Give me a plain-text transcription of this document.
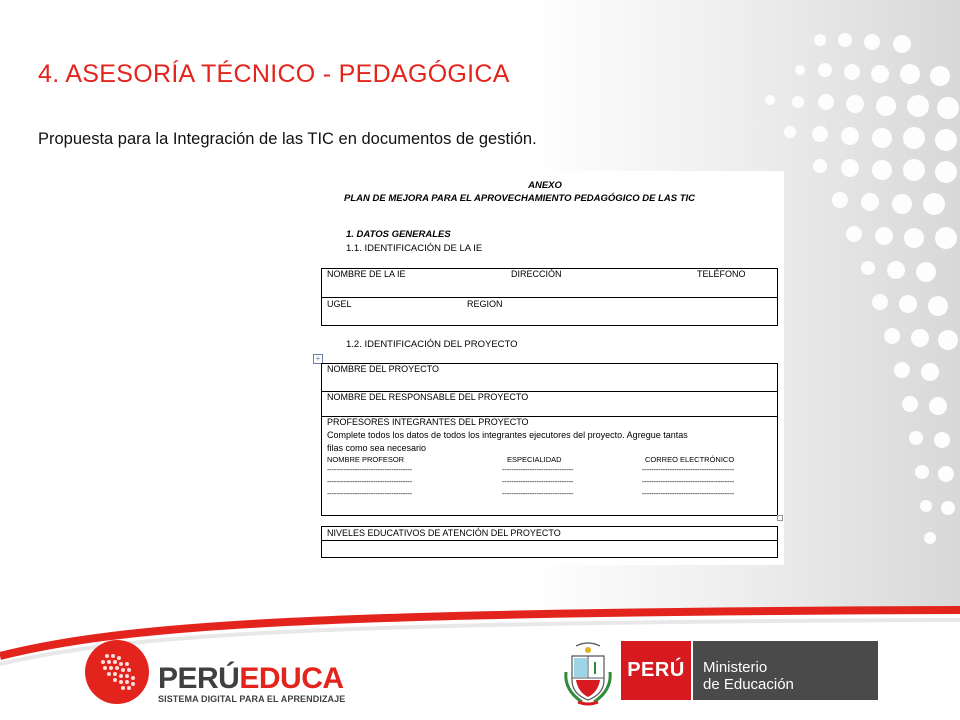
4. ASESORÍA TÉCNICO - PEDAGÓGICA
Propuesta para la Integración de las TIC en documentos de gestión.
ANEXO
PLAN DE MEJORA PARA EL APROVECHAMIENTO PEDAGÓGICO DE LAS TIC
1. DATOS GENERALES
1.1. IDENTIFICACIÓN DE LA IE
NOMBRE DE LA IE	DIRECCIÓN	TELÉFONO
UGEL	REGION
1.2. IDENTIFICACIÓN DEL PROYECTO
+
NOMBRE DEL PROYECTO
NOMBRE DEL RESPONSABLE DEL PROYECTO
PROFESORES INTEGRANTES DEL PROYECTO
Complete todos los datos de todos los integrantes ejecutores del proyecto. Agregue tantas
filas como sea necesario
NOMBRE PROFESOR	ESPECIALIDAD	CORREO ELECTRÓNICO
-------------------------------------	-------------------------------	----------------------------------------
-------------------------------------	-------------------------------	----------------------------------------
-------------------------------------	-------------------------------	----------------------------------------
NIVELES EDUCATIVOS DE ATENCIÓN DEL PROYECTO
PERÚEDUCA
SISTEMA DIGITAL PARA EL APRENDIZAJE
PERÚ	Ministerio
de Educación
